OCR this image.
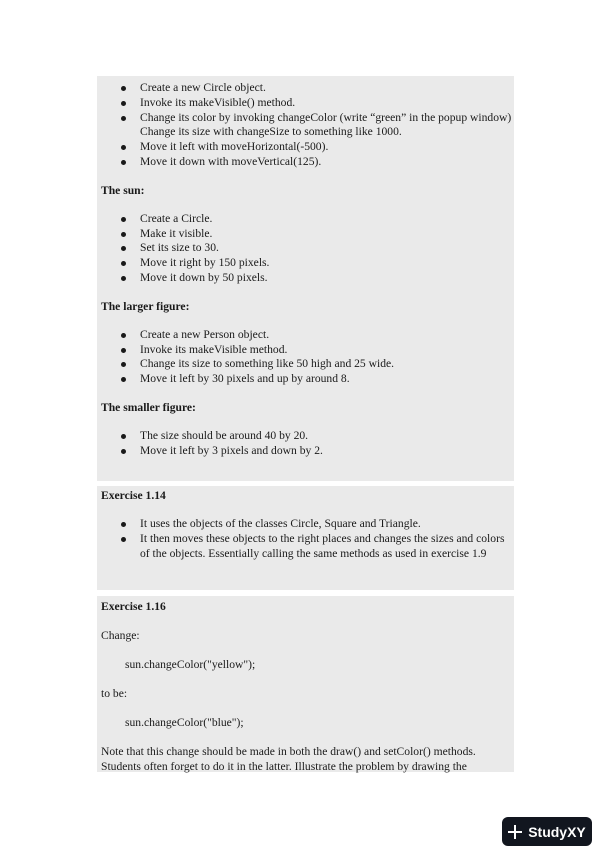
Create a new Circle object.
Invoke its makeVisible() method.
Change its color by invoking changeColor (write “green” in the popup window) Change its size with changeSize to something like 1000.
Move it left with moveHorizontal(-500).
Move it down with moveVertical(125).
The sun:
Create a Circle.
Make it visible.
Set its size to 30.
Move it right by 150 pixels.
Move it down by 50 pixels.
The larger figure:
Create a new Person object.
Invoke its makeVisible method.
Change its size to something like 50 high and 25 wide.
Move it left by 30 pixels and up by around 8.
The smaller figure:
The size should be around 40 by 20.
Move it left by 3 pixels and down by 2.
Exercise 1.14
It uses the objects of the classes Circle, Square and Triangle.
It then moves these objects to the right places and changes the sizes and colors of the objects. Essentially calling the same methods as used in exercise 1.9
Exercise 1.16
Change:
sun.changeColor("yellow");
to be:
sun.changeColor("blue");
Note that this change should be made in both the draw() and setColor() methods. Students often forget to do it in the latter. Illustrate the problem by drawing the
StudyXY
